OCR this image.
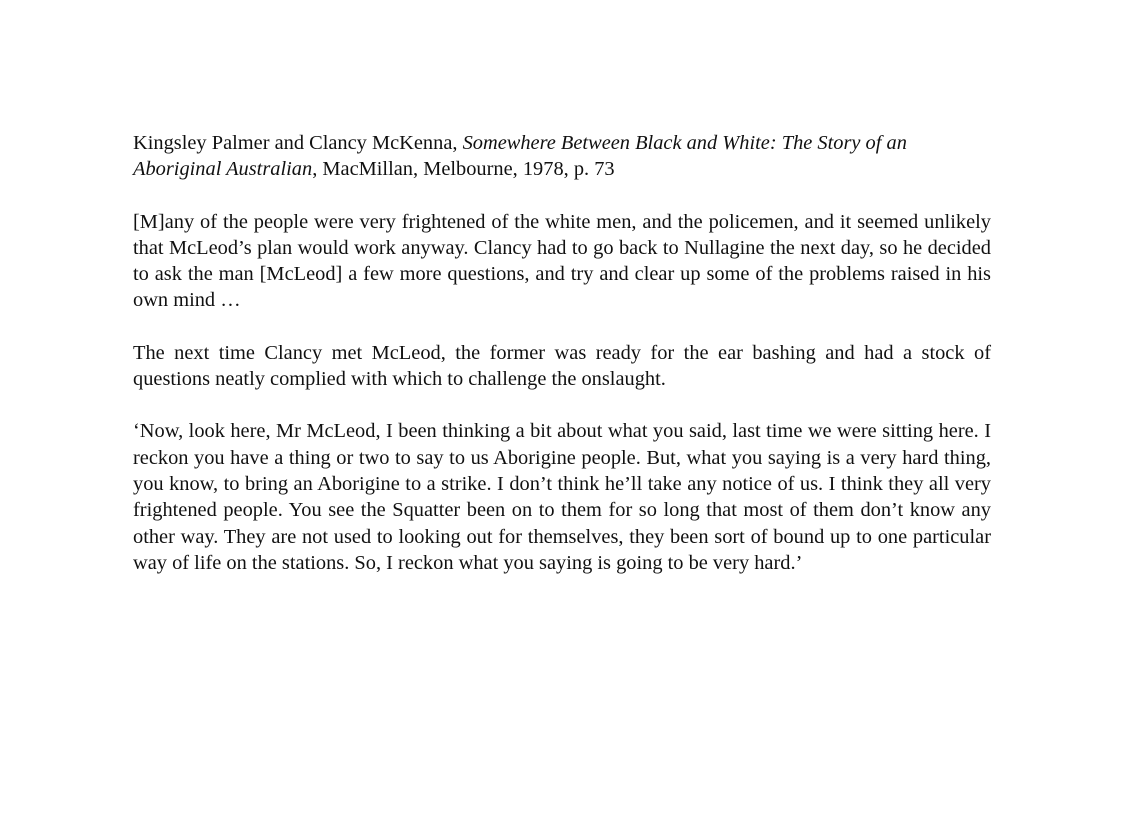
Kingsley Palmer and Clancy McKenna, Somewhere Between Black and White: The Story of an Aboriginal Australian, MacMillan, Melbourne, 1978, p. 73

[M]any of the people were very frightened of the white men, and the policemen, and it seemed unlikely that McLeod’s plan would work anyway. Clancy had to go back to Nullagine the next day, so he decided to ask the man [McLeod] a few more questions, and try and clear up some of the problems raised in his own mind …

The next time Clancy met McLeod, the former was ready for the ear bashing and had a stock of questions neatly complied with which to challenge the onslaught.

‘Now, look here, Mr McLeod, I been thinking a bit about what you said, last time we were sitting here. I reckon you have a thing or two to say to us Aborigine people. But, what you saying is a very hard thing, you know, to bring an Aborigine to a strike. I don’t think he’ll take any notice of us. I think they all very frightened people. You see the Squatter been on to them for so long that most of them don’t know any other way. They are not used to looking out for themselves, they been sort of bound up to one particular way of life on the stations. So, I reckon what you saying is going to be very hard.’
